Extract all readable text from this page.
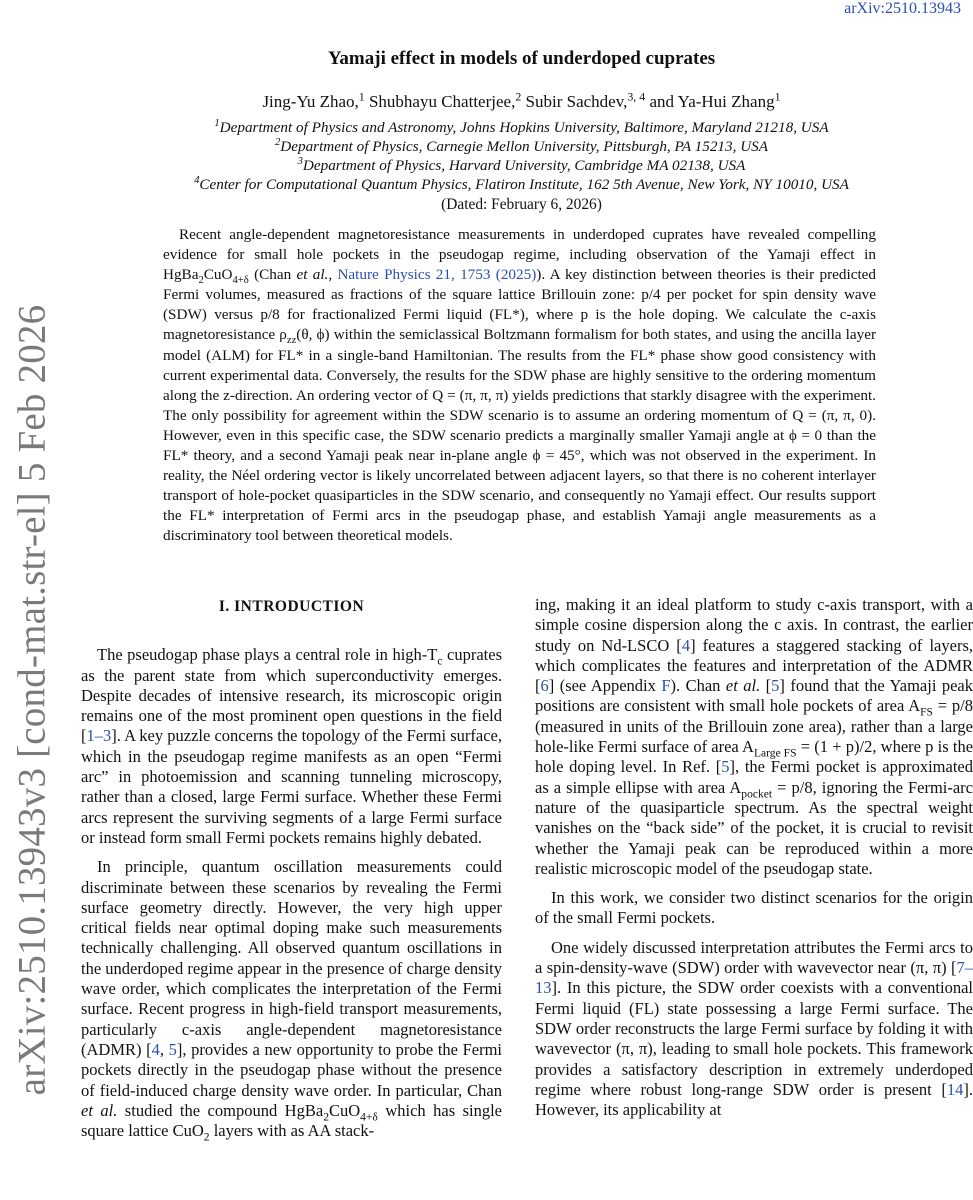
arXiv:2510.13943
arXiv:2510.13943v3 [cond-mat.str-el] 5 Feb 2026
Yamaji effect in models of underdoped cuprates
Jing-Yu Zhao,$^1$ Shubhayu Chatterjee,$^2$ Subir Sachdev,$^{3, 4}$ and Ya-Hui Zhang$^1$
$^1$Department of Physics and Astronomy, Johns Hopkins University, Baltimore, Maryland 21218, USA
$^2$Department of Physics, Carnegie Mellon University, Pittsburgh, PA 15213, USA
$^3$Department of Physics, Harvard University, Cambridge MA 02138, USA
$^4$Center for Computational Quantum Physics, Flatiron Institute, 162 5th Avenue, New York, NY 10010, USA
(Dated: February 6, 2026)

Recent angle-dependent magnetoresistance measurements in underdoped cuprates have revealed compelling evidence for small hole pockets in the pseudogap regime, including observation of the Yamaji effect in HgBa$_2$CuO$_{4+\delta}$ (Chan et al., Nature Physics 21, 1753 (2025)). A key distinction between theories is their predicted Fermi volumes, measured as fractions of the square lattice Brillouin zone: p/4 per pocket for spin density wave (SDW) versus p/8 for fractionalized Fermi liquid (FL*), where p is the hole doping. We calculate the c-axis magnetoresistance $\rho_{zz}(\theta$, ϕ) within the semiclassical Boltzmann formalism for both states, and using the ancilla layer model (ALM) for FL* in a single-band Hamiltonian. The results from the FL* phase show good consistency with current experimental data. Conversely, the results for the SDW phase are highly sensitive to the ordering momentum along the z-direction. An ordering vector of Q = (π, π, π) yields predictions that starkly disagree with the experiment. The only possibility for agreement within the SDW scenario is to assume an ordering momentum of Q = (π, π, 0). However, even in this specific case, the SDW scenario predicts a marginally smaller Yamaji angle at ϕ = 0 than the FL* theory, and a second Yamaji peak near in-plane angle ϕ = 45°, which was not observed in the experiment. In reality, the Néel ordering vector is likely uncorrelated between adjacent layers, so that there is no coherent interlayer transport of hole-pocket quasiparticles in the SDW scenario, and consequently no Yamaji effect. Our results support the FL* interpretation of Fermi arcs in the pseudogap phase, and establish Yamaji angle measurements as a discriminatory tool between theoretical models.

I. INTRODUCTION

The pseudogap phase plays a central role in high-$T_c$ cuprates as the parent state from which superconductivity emerges. Despite decades of intensive research, its microscopic origin remains one of the most prominent open questions in the field [1–3]. A key puzzle concerns the topology of the Fermi surface, which in the pseudogap regime manifests as an open “Fermi arc” in photoemission and scanning tunneling microscopy, rather than a closed, large Fermi surface. Whether these Fermi arcs represent the surviving segments of a large Fermi surface or instead form small Fermi pockets remains highly debated.

In principle, quantum oscillation measurements could discriminate between these scenarios by revealing the Fermi surface geometry directly. However, the very high upper critical fields near optimal doping make such measurements technically challenging. All observed quantum oscillations in the underdoped regime appear in the presence of charge density wave order, which complicates the interpretation of the Fermi surface. Recent progress in high-field transport measurements, particularly c-axis angle-dependent magnetoresistance (ADMR) [4, 5], provides a new opportunity to probe the Fermi pockets directly in the pseudogap phase without the presence of field-induced charge density wave order. In particular, Chan et al. studied the compound HgBa$_2$CuO$_{4+\delta}$ which has single square lattice CuO$_2$ layers with as AA stack-

ing, making it an ideal platform to study c-axis transport, with a simple cosine dispersion along the c axis. In contrast, the earlier study on Nd-LSCO [4] features a staggered stacking of layers, which complicates the features and interpretation of the ADMR [6] (see Appendix F). Chan et al. [5] found that the Yamaji peak positions are consistent with small hole pockets of area $A_{FS} = p/8$ (measured in units of the Brillouin zone area), rather than a large hole-like Fermi surface of area $A_{Large FS} = (1 + p)/2$, where p is the hole doping level. In Ref. [5], the Fermi pocket is approximated as a simple ellipse with area $A_{pocket} = p/8$, ignoring the Fermi-arc nature of the quasiparticle spectrum. As the spectral weight vanishes on the “back side” of the pocket, it is crucial to revisit whether the Yamaji peak can be reproduced within a more realistic microscopic model of the pseudogap state.

In this work, we consider two distinct scenarios for the origin of the small Fermi pockets.

One widely discussed interpretation attributes the Fermi arcs to a spin-density-wave (SDW) order with wavevector near (π, π) [7–13]. In this picture, the SDW order coexists with a conventional Fermi liquid (FL) state possessing a large Fermi surface. The SDW order reconstructs the large Fermi surface by folding it with wavevector (π, π), leading to small hole pockets. This framework provides a satisfactory description in extremely underdoped regime where robust long-range SDW order is present [14]. However, its applicability at
